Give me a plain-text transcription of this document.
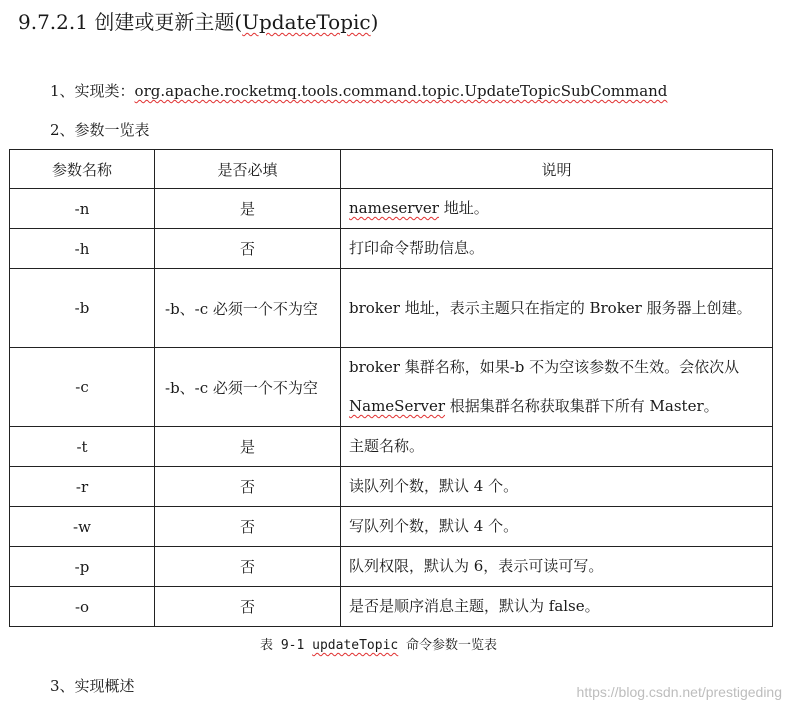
9.7.2.1 创建或更新主题(UpdateTopic)
1、实现类：org.apache.rocketmq.tools.command.topic.UpdateTopicSubCommand
2、参数一览表
参数名称	是否必填	说明
-n	是	nameserver 地址。
-h	否	打印命令帮助信息。
-b	-b、-c 必须一个不为空	broker 地址，表示主题只在指定的 Broker 服务器上创建。
-c	-b、-c 必须一个不为空	broker 集群名称，如果-b 不为空该参数不生效。会依次从 NameServer 根据集群名称获取集群下所有 Master。
-t	是	主题名称。
-r	否	读队列个数，默认 4 个。
-w	否	写队列个数，默认 4 个。
-p	否	队列权限，默认为 6，表示可读可写。
-o	否	是否是顺序消息主题，默认为 false。
表 9-1 updateTopic 命令参数一览表
3、实现概述	https://blog.csdn.net/prestigeding
